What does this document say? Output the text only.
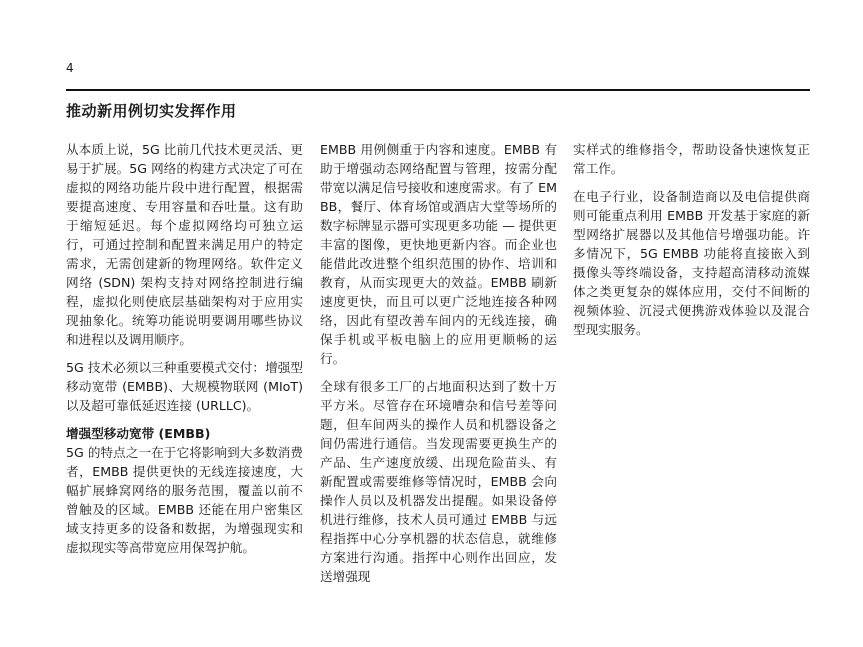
4
推动新用例切实发挥作用

从本质上说，5G 比前几代技术更灵活、更易于扩展。5G 网络的构建方式决定了可在虚拟的网络功能片段中进行配置，根据需要提高速度、专用容量和吞吐量。这有助于缩短延迟。每个虚拟网络均可独立运行，可通过控制和配置来满足用户的特定需求，无需创建新的物理网络。软件定义网络 (SDN) 架构支持对网络控制进行编程，虚拟化则使底层基础架构对于应用实现抽象化。统筹功能说明要调用哪些协议和进程以及调用顺序。

5G 技术必须以三种重要模式交付：增强型移动宽带 (EMBB)、大规模物联网 (MIoT) 以及超可靠低延迟连接 (URLLC)。

增强型移动宽带 (EMBB)

5G 的特点之一在于它将影响到大多数消费者，EMBB 提供更快的无线连接速度，大幅扩展蜂窝网络的服务范围，覆盖以前不曾触及的区域。EMBB 还能在用户密集区域支持更多的设备和数据，为增强现实和虚拟现实等高带宽应用保驾护航。

EMBB 用例侧重于内容和速度。EMBB 有助于增强动态网络配置与管理，按需分配带宽以满足信号接收和速度需求。有了 EMBB，餐厅、体育场馆或酒店大堂等场所的数字标牌显示器可实现更多功能 — 提供更丰富的图像，更快地更新内容。而企业也能借此改进整个组织范围的协作、培训和教育，从而实现更大的效益。EMBB 刷新速度更快，而且可以更广泛地连接各种网络，因此有望改善车间内的无线连接，确保手机或平板电脑上的应用更顺畅的运行。

全球有很多工厂的占地面积达到了数十万平方米。尽管存在环境嘈杂和信号差等问题，但车间两头的操作人员和机器设备之间仍需进行通信。当发现需要更换生产的产品、生产速度放缓、出现危险苗头、有新配置或需要维修等情况时，EMBB 会向操作人员以及机器发出提醒。如果设备停机进行维修，技术人员可通过 EMBB 与远程指挥中心分享机器的状态信息，就维修方案进行沟通。指挥中心则作出回应，发送增强现

实样式的维修指令，帮助设备快速恢复正常工作。

在电子行业，设备制造商以及电信提供商则可能重点利用 EMBB 开发基于家庭的新型网络扩展器以及其他信号增强功能。许多情况下，5G EMBB 功能将直接嵌入到摄像头等终端设备，支持超高清移动流媒体之类更复杂的媒体应用，交付不间断的视频体验、沉浸式便携游戏体验以及混合型现实服务。
